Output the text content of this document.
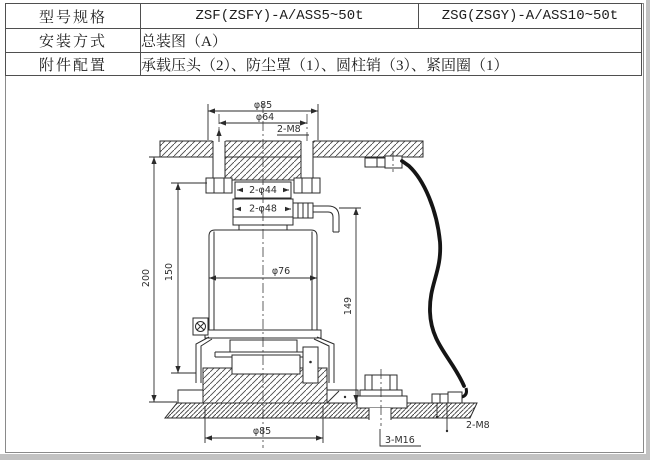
型号规格	ZSF(ZSFY)-A/ASS5~50t	ZSG(ZSGY)-A/ASS10~50t
安装方式	总装图（A）	
附件配置	承载压头（2）、防尘罩（1）、圆柱销（3）、紧固圈（1）	
2-φ44
2-φ48
φ76
3-M16
2-M8
φ85
φ64
2-M8
200 150
149
φ85
